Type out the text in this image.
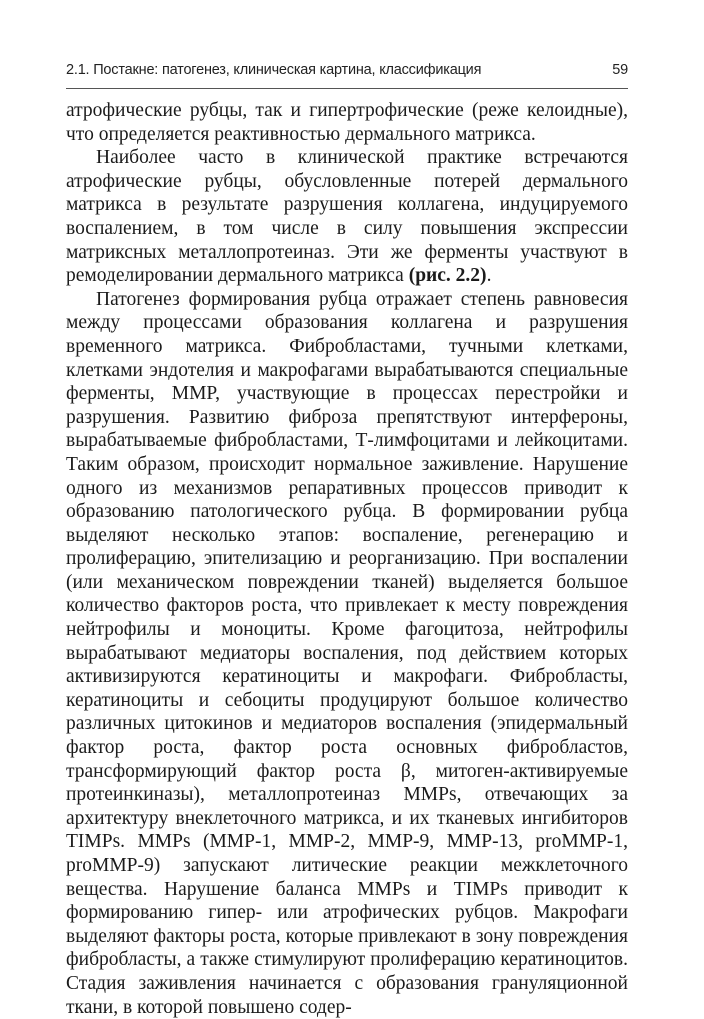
2.1. Постакне: патогенез, клиническая картина, классификация	59

атрофические рубцы, так и гипертрофические (реже келоидные), что определяется реактивностью дермального матрикса.

Наиболее часто в клинической практике встречаются атрофические рубцы, обусловленные потерей дермального матрикса в результате разрушения коллагена, индуцируемого воспалением, в том числе в силу повышения экспрессии матриксных металлопротеиназ. Эти же ферменты участвуют в ремоделировании дермального матрикса (рис. 2.2).

Патогенез формирования рубца отражает степень равновесия между процессами образования коллагена и разрушения временного матрикса. Фибробластами, тучными клетками, клетками эндотелия и макрофагами вырабатываются специальные ферменты, MMP, участвующие в процессах перестройки и разрушения. Развитию фиброза препятствуют интерфероны, вырабатываемые фибробластами, Т-лимфоцитами и лейкоцитами. Таким образом, происходит нормальное заживление. Нарушение одного из механизмов репаративных процессов приводит к образованию патологического рубца. В формировании рубца выделяют несколько этапов: воспаление, регенерацию и пролиферацию, эпителизацию и реорганизацию. При воспалении (или механическом повреждении тканей) выделяется большое количество факторов роста, что привлекает к месту повреждения нейтрофилы и моноциты. Кроме фагоцитоза, нейтрофилы вырабатывают медиаторы воспаления, под действием которых активизируются кератиноциты и макрофаги. Фибробласты, кератиноциты и себоциты продуцируют большое количество различных цитокинов и медиаторов воспаления (эпидермальный фактор роста, фактор роста основных фибробластов, трансформирующий фактор роста β, митоген-активируемые протеинкиназы), металлопротеиназ MMPs, отвечающих за архитектуру внеклеточного матрикса, и их тканевых ингибиторов TIMPs. MMPs (MMP-1, MMP-2, MMP-9, MMP-13, proMMP-1, proMMP-9) запускают литические реакции межклеточного вещества. Нарушение баланса MMPs и TIMPs приводит к формированию гипер- или атрофических рубцов. Макрофаги выделяют факторы роста, которые привлекают в зону повреждения фибробласты, а также стимулируют пролиферацию кератиноцитов. Стадия заживления начинается с образования грануляционной ткани, в которой повышено содер-
